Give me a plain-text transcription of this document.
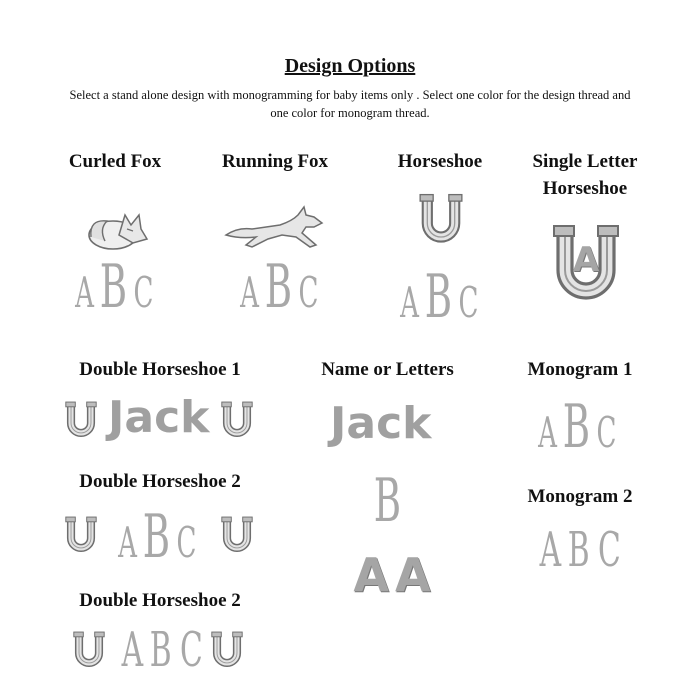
Design Options
Select a stand alone design with monogramming for baby items only . Select one color for the design thread and one color for monogram thread.
Curled Fox
AB C
Running Fox
AB C
Horseshoe
AB C
Single Letter Horseshoe
A
Double Horseshoe 1
Jack
Double Horseshoe 2
AB C
Double Horseshoe 2
A B C
Name or Letters
Jack
B
AA
Monogram 1
AB C
Monogram 2
A B C
